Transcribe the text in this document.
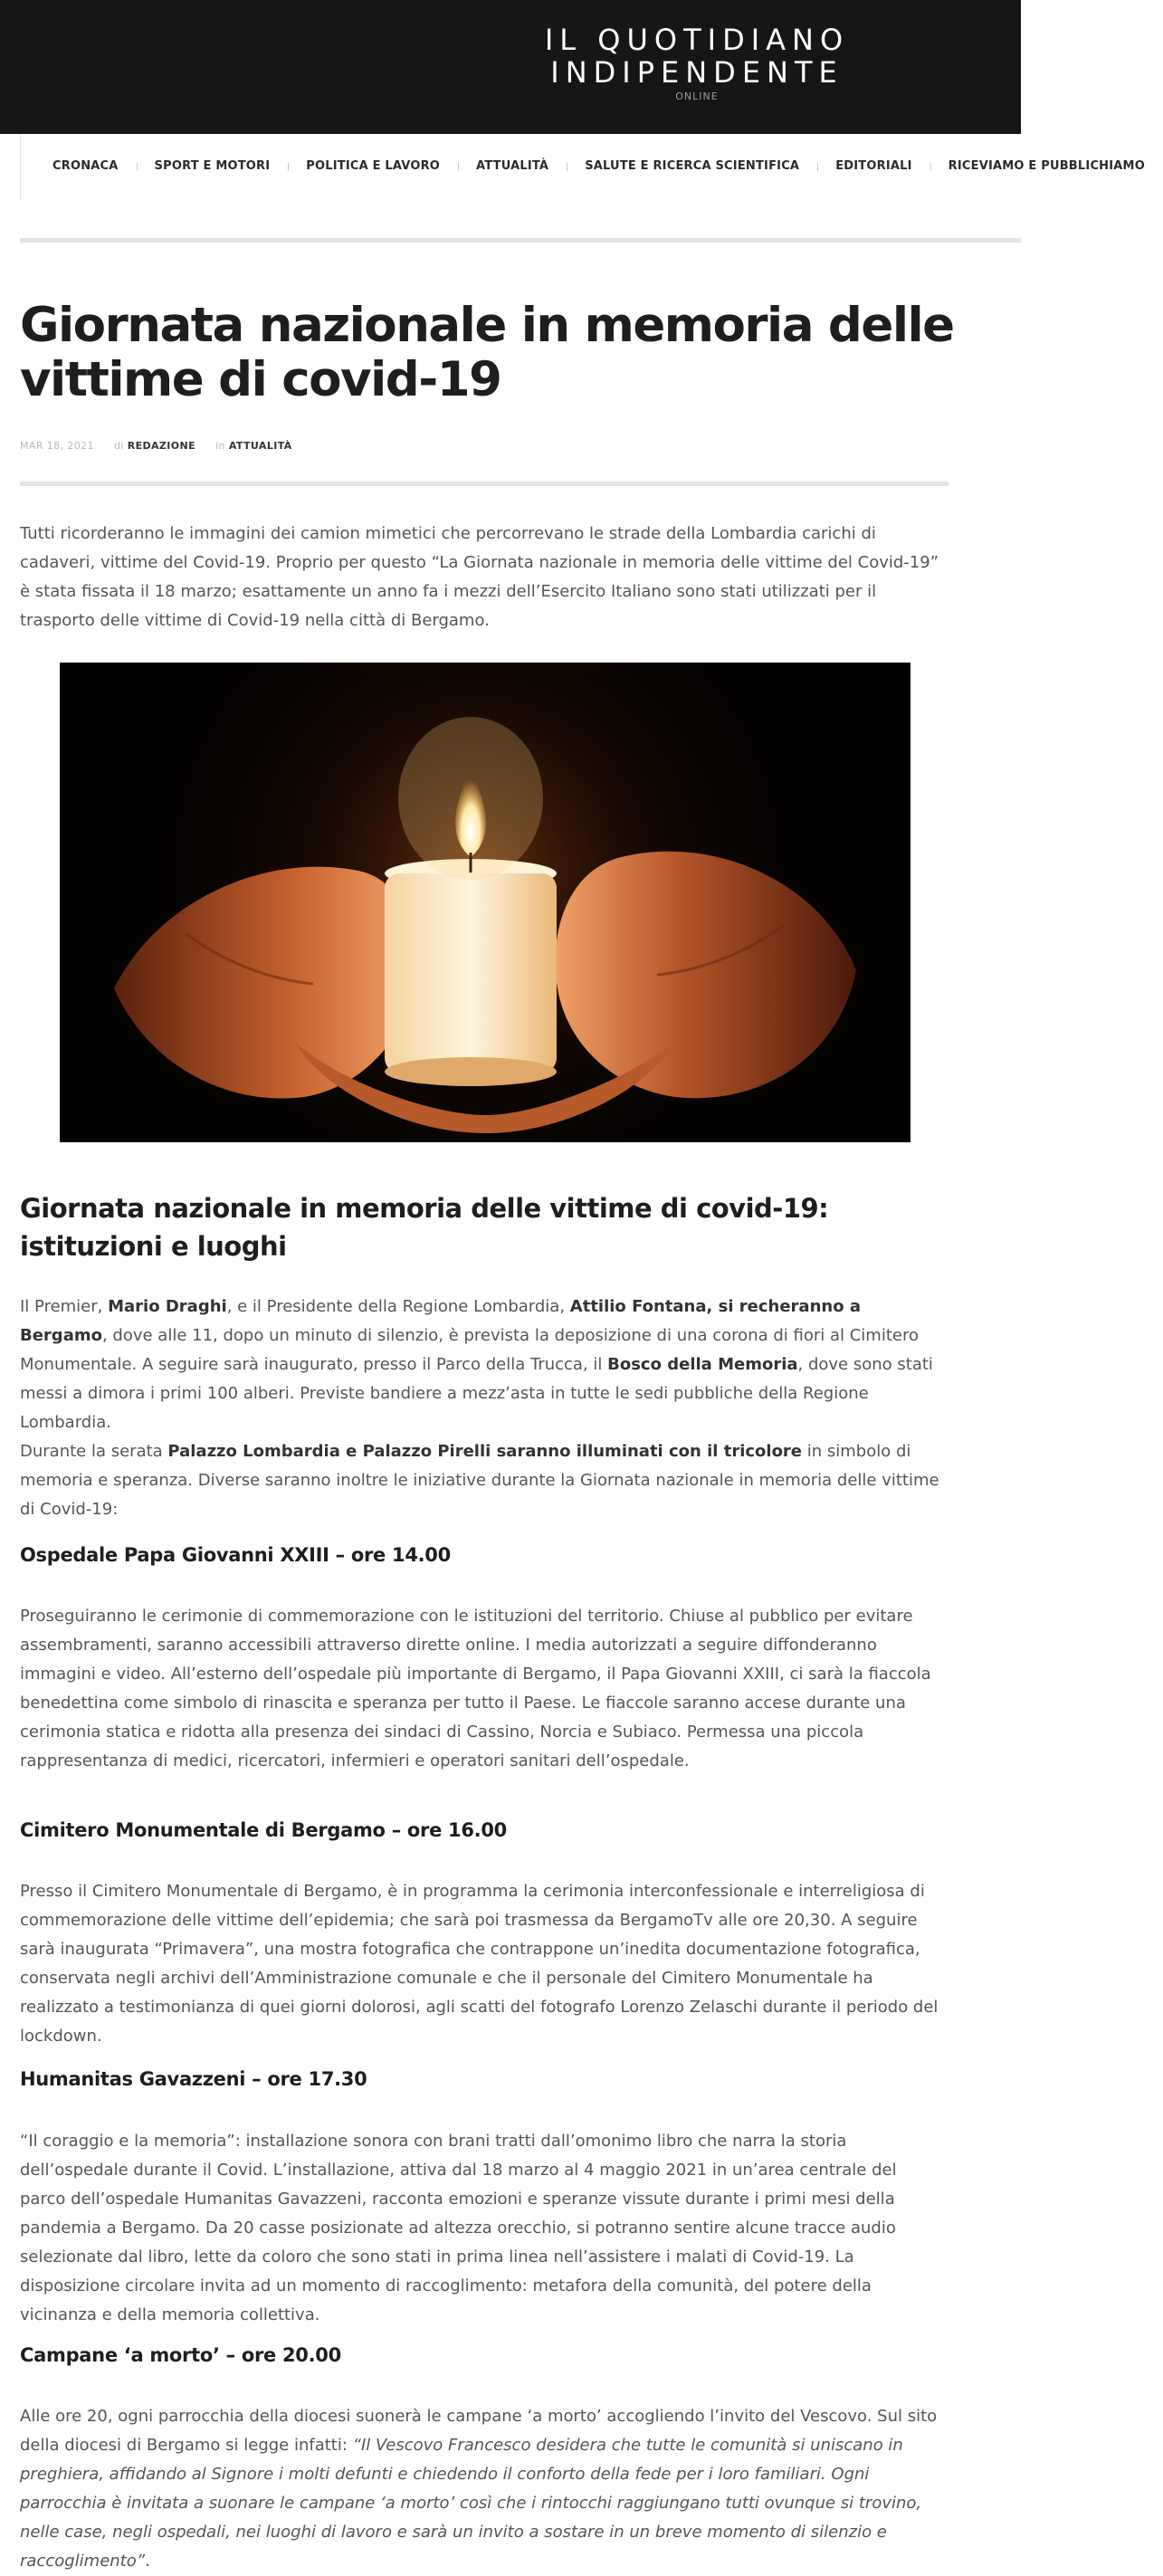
IL QUOTIDIANO
INDIPENDENTE
ONLINE
CRONACA	SPORT E MOTORI	POLITICA E LAVORO	ATTUALITÀ	SALUTE E RICERCA SCIENTIFICA	EDITORIALI	RICEVIAMO E PUBBLICHIAMO
Giornata nazionale in memoria delle vittime di covid-19
MAR 18, 2021 di REDAZIONE in ATTUALITÀ

Tutti ricorderanno le immagini dei camion mimetici che percorrevano le strade della Lombardia carichi di cadaveri, vittime del Covid-19. Proprio per questo “La Giornata nazionale in memoria delle vittime del Covid-19” è stata fissata il 18 marzo; esattamente un anno fa i mezzi dell’Esercito Italiano sono stati utilizzati per il trasporto delle vittime di Covid-19 nella città di Bergamo.

Giornata nazionale in memoria delle vittime di covid-19: istituzioni e luoghi

Il Premier, Mario Draghi, e il Presidente della Regione Lombardia, Attilio Fontana, si recheranno a Bergamo, dove alle 11, dopo un minuto di silenzio, è prevista la deposizione di una corona di fiori al Cimitero Monumentale. A seguire sarà inaugurato, presso il Parco della Trucca, il Bosco della Memoria, dove sono stati messi a dimora i primi 100 alberi. Previste bandiere a mezz’asta in tutte le sedi pubbliche della Regione Lombardia.

Durante la serata Palazzo Lombardia e Palazzo Pirelli saranno illuminati con il tricolore in simbolo di memoria e speranza. Diverse saranno inoltre le iniziative durante la Giornata nazionale in memoria delle vittime di Covid-19:

Ospedale Papa Giovanni XXIII – ore 14.00

Proseguiranno le cerimonie di commemorazione con le istituzioni del territorio. Chiuse al pubblico per evitare assembramenti, saranno accessibili attraverso dirette online. I media autorizzati a seguire diffonderanno immagini e video. All’esterno dell’ospedale più importante di Bergamo, il Papa Giovanni XXIII, ci sarà la fiaccola benedettina come simbolo di rinascita e speranza per tutto il Paese. Le fiaccole saranno accese durante una cerimonia statica e ridotta alla presenza dei sindaci di Cassino, Norcia e Subiaco. Permessa una piccola rappresentanza di medici, ricercatori, infermieri e operatori sanitari dell’ospedale.

Cimitero Monumentale di Bergamo – ore 16.00

Presso il Cimitero Monumentale di Bergamo, è in programma la cerimonia interconfessionale e interreligiosa di commemorazione delle vittime dell’epidemia; che sarà poi trasmessa da BergamoTv alle ore 20,30. A seguire sarà inaugurata “Primavera”, una mostra fotografica che contrappone un’inedita documentazione fotografica, conservata negli archivi dell’Amministrazione comunale e che il personale del Cimitero Monumentale ha realizzato a testimonianza di quei giorni dolorosi, agli scatti del fotografo Lorenzo Zelaschi durante il periodo del lockdown.

Humanitas Gavazzeni – ore 17.30

“Il coraggio e la memoria”: installazione sonora con brani tratti dall’omonimo libro che narra la storia dell’ospedale durante il Covid. L’installazione, attiva dal 18 marzo al 4 maggio 2021 in un’area centrale del parco dell’ospedale Humanitas Gavazzeni, racconta emozioni e speranze vissute durante i primi mesi della pandemia a Bergamo. Da 20 casse posizionate ad altezza orecchio, si potranno sentire alcune tracce audio selezionate dal libro, lette da coloro che sono stati in prima linea nell’assistere i malati di Covid-19. La disposizione circolare invita ad un momento di raccoglimento: metafora della comunità, del potere della vicinanza e della memoria collettiva.

Campane ‘a morto’ – ore 20.00

Alle ore 20, ogni parrocchia della diocesi suonerà le campane ‘a morto’ accogliendo l’invito del Vescovo. Sul sito della diocesi di Bergamo si legge infatti: “Il Vescovo Francesco desidera che tutte le comunità si uniscano in preghiera, affidando al Signore i molti defunti e chiedendo il conforto della fede per i loro familiari. Ogni parrocchia è invitata a suonare le campane ‘a morto’ così che i rintocchi raggiungano tutti ovunque si trovino, nelle case, negli ospedali, nei luoghi di lavoro e sarà un invito a sostare in un breve momento di silenzio e raccoglimento”.
